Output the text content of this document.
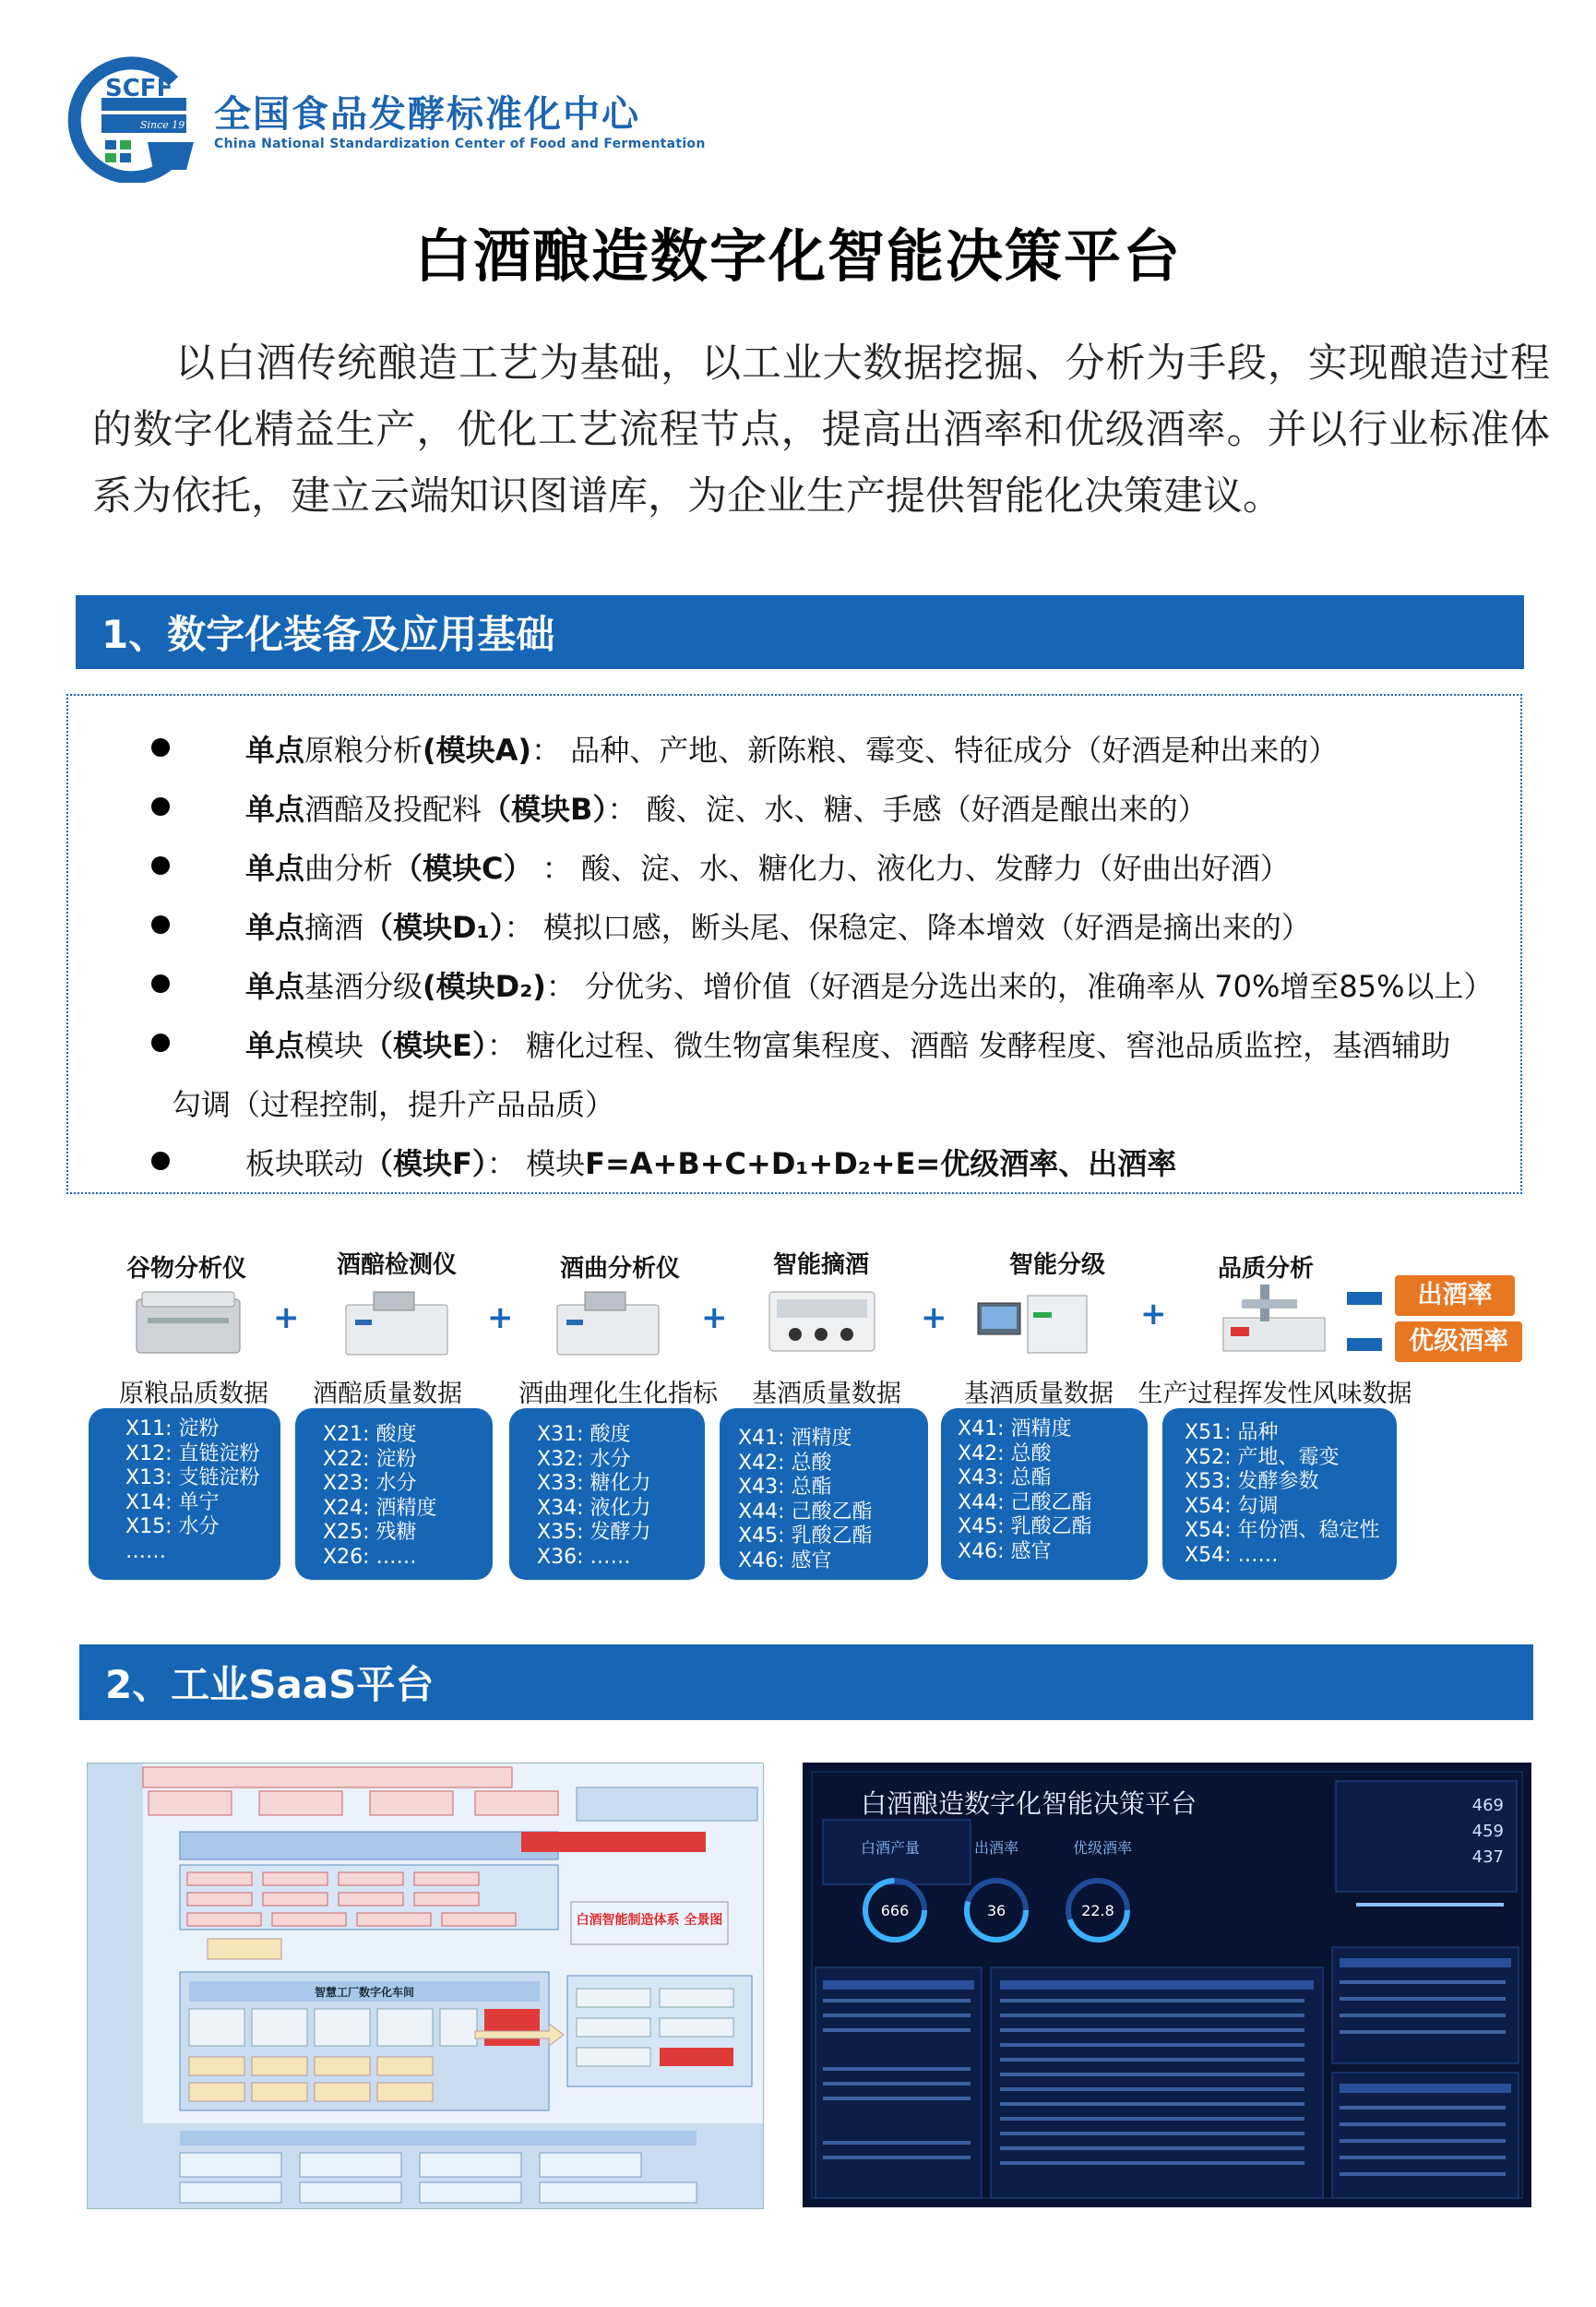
SCFF
Since 1970 全国食品发酵标准化中心
China National Standardization Center of Food and Fermentation
白酒酿造数字化智能决策平台
以白酒传统酿造工艺为基础，以工业大数据挖掘、分析为手段，实现酿造过程的数字化精益生产，优化工艺流程节点，提高出酒率和优级酒率。并以行业标准体系为依托，建立云端知识图谱库，为企业生产提供智能化决策建议。
1、数字化装备及应用基础
单点原粮分析(模块A)： 品种、产地、新陈粮、霉变、特征成分（好酒是种出来的）
单点酒醅及投配料（模块B）： 酸、淀、水、糖、手感（好酒是酿出来的）
单点曲分析（模块C） ： 酸、淀、水、糖化力、液化力、发酵力（好曲出好酒）
单点摘酒（模块D₁）： 模拟口感，断头尾、保稳定、降本增效（好酒是摘出来的）
单点基酒分级(模块D₂)： 分优劣、增价值（好酒是分选出来的，准确率从 70%增至85%以上）
单点模块（模块E）： 糖化过程、微生物富集程度、酒醅 发酵程度、窖池品质监控，基酒辅助
勾调（过程控制，提升产品品质）
板块联动（模块F）： 模块F=A+B+C+D₁+D₂+E=优级酒率、出酒率
谷物分析仪	酒醅检测仪	酒曲分析仪	智能摘酒	智能分级	品质分析
+	+	+	+	+
出酒率
优级酒率
原粮品质数据	酒醅质量数据	酒曲理化生化指标	基酒质量数据	基酒质量数据 生产过程挥发性风味数据
X11: 淀粉
X12: 直链淀粉
X13: 支链淀粉
X14: 单宁
X15: 水分
……
X21: 酸度
X22: 淀粉
X23: 水分
X24: 酒精度
X25: 残糖
X26: ……
X31: 酸度
X32: 水分
X33: 糖化力
X34: 液化力
X35: 发酵力
X36: ……
X41: 酒精度
X42: 总酸
X43: 总酯
X44: 己酸乙酯
X45: 乳酸乙酯
X46: 感官
X41: 酒精度
X42: 总酸
X43: 总酯
X44: 己酸乙酯
X45: 乳酸乙酯
X46: 感官
X51: 品种
X52: 产地、霉变
X53: 发酵参数
X54: 勾调
X54: 年份酒、稳定性
X54: ……
2、工业SaaS平台
白酒智能制造体系 全景图
智慧工厂数字化车间
白酒酿造数字化智能决策平台
白酒产量	出酒率	优级酒率
666	36	22.8
469
459
437
